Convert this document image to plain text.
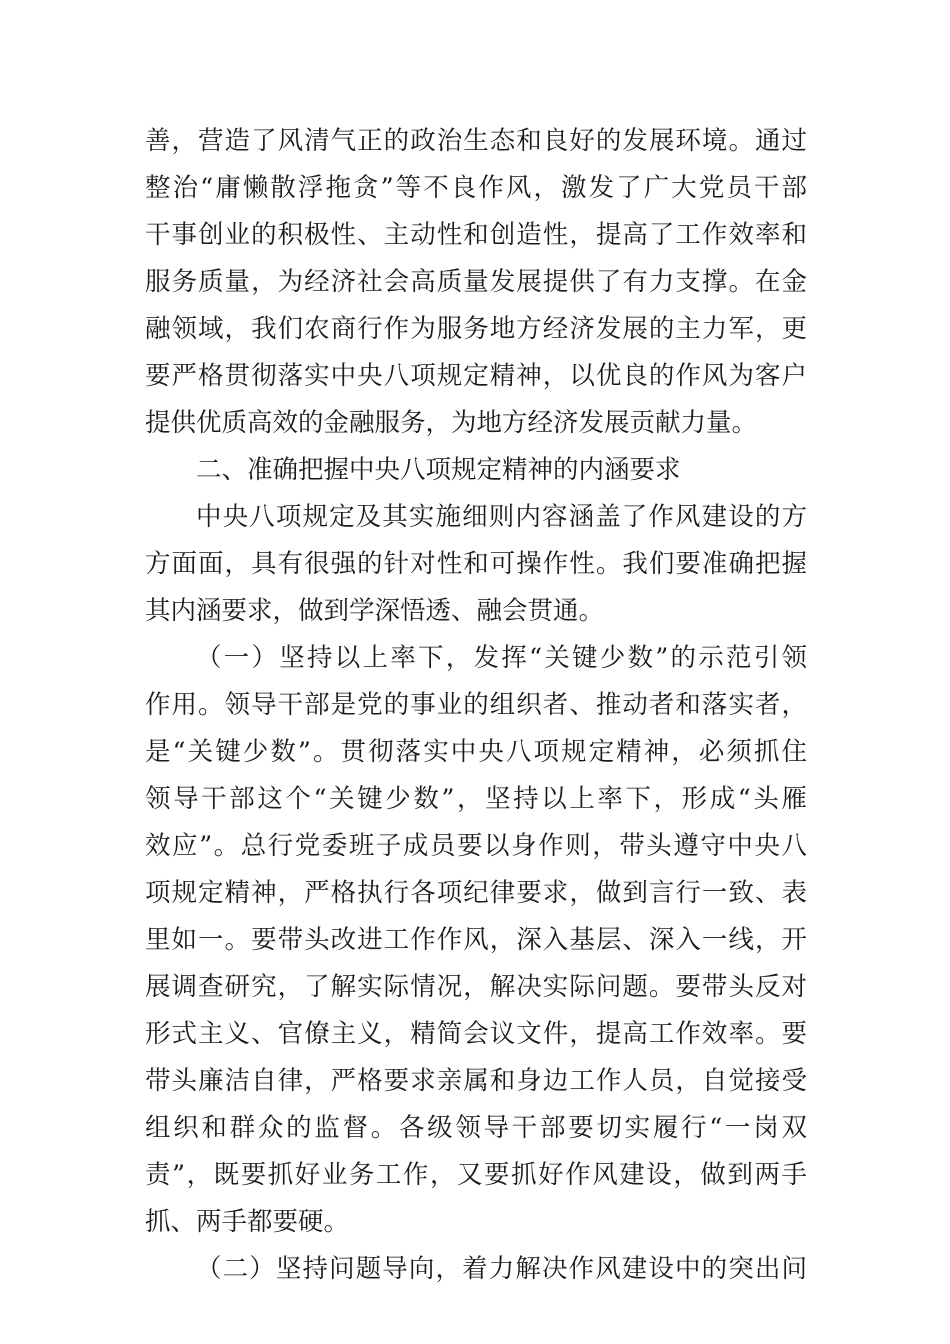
善，营造了风清气正的政治生态和良好的发展环境。通过
整治“庸懒散浮拖贪”等不良作风，激发了广大党员干部
干事创业的积极性、主动性和创造性，提高了工作效率和
服务质量，为经济社会高质量发展提供了有力支撑。在金
融领域，我们农商行作为服务地方经济发展的主力军，更
要严格贯彻落实中央八项规定精神，以优良的作风为客户
提供优质高效的金融服务，为地方经济发展贡献力量。
二、准确把握中央八项规定精神的内涵要求
中央八项规定及其实施细则内容涵盖了作风建设的方
方面面，具有很强的针对性和可操作性。我们要准确把握
其内涵要求，做到学深悟透、融会贯通。
（一）坚持以上率下，发挥“关键少数”的示范引领
作用。领导干部是党的事业的组织者、推动者和落实者，
是“关键少数”。贯彻落实中央八项规定精神，必须抓住
领导干部这个“关键少数”，坚持以上率下，形成“头雁
效应”。总行党委班子成员要以身作则，带头遵守中央八
项规定精神，严格执行各项纪律要求，做到言行一致、表
里如一。要带头改进工作作风，深入基层、深入一线，开
展调查研究，了解实际情况，解决实际问题。要带头反对
形式主义、官僚主义，精简会议文件，提高工作效率。要
带头廉洁自律，严格要求亲属和身边工作人员，自觉接受
组织和群众的监督。各级领导干部要切实履行“一岗双
责”，既要抓好业务工作，又要抓好作风建设，做到两手
抓、两手都要硬。
（二）坚持问题导向，着力解决作风建设中的突出问
